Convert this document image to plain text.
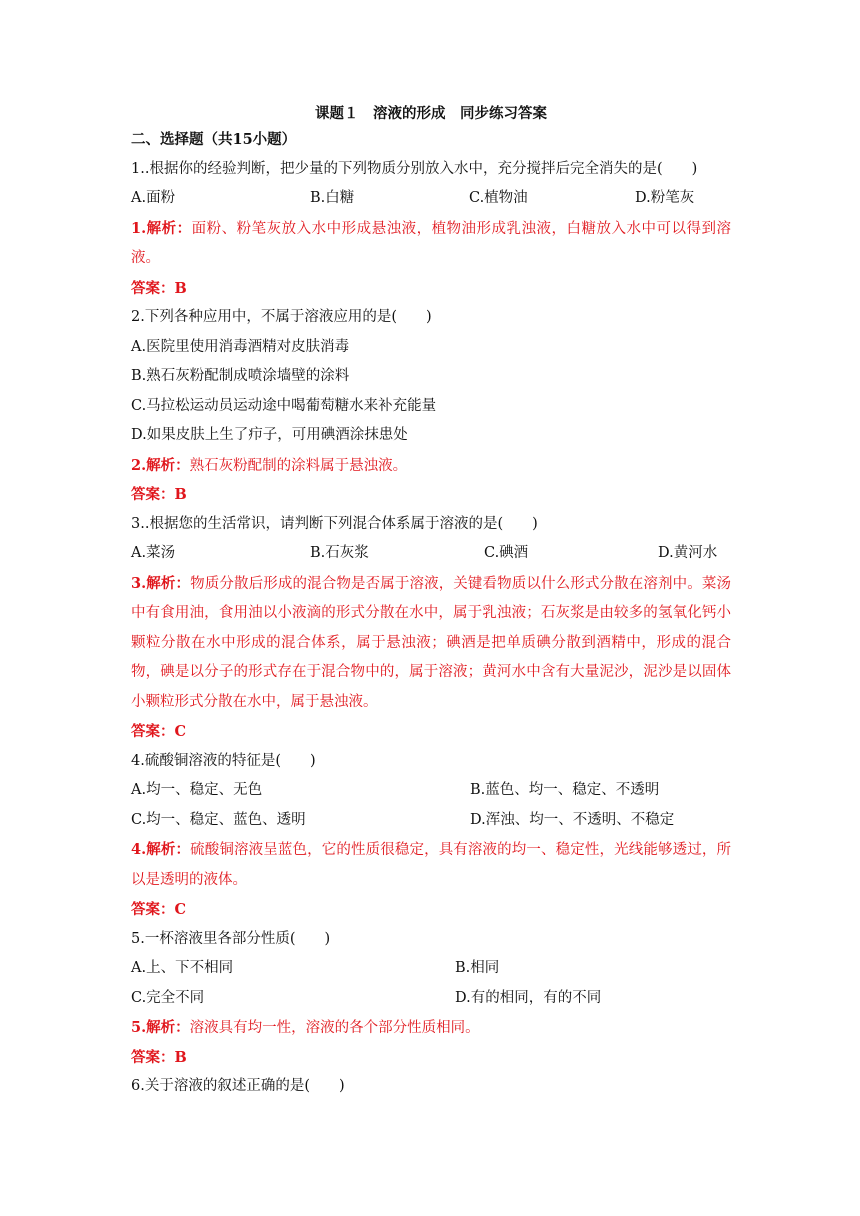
课题１　溶液的形成　同步练习答案
二、选择题（共15小题）
1..根据你的经验判断，把少量的下列物质分别放入水中，充分搅拌后完全消失的是(　　)
A.面粉	B.白糖	C.植物油	D.粉笔灰
1.解析：面粉、粉笔灰放入水中形成悬浊液，植物油形成乳浊液，白糖放入水中可以得到溶液。
答案：B
2.下列各种应用中，不属于溶液应用的是(　　)
A.医院里使用消毒酒精对皮肤消毒
B.熟石灰粉配制成喷涂墙壁的涂料
C.马拉松运动员运动途中喝葡萄糖水来补充能量
D.如果皮肤上生了疖子，可用碘酒涂抹患处
2.解析：熟石灰粉配制的涂料属于悬浊液。
答案：B
3..根据您的生活常识，请判断下列混合体系属于溶液的是(　　)
A.菜汤	B.石灰浆	C.碘酒	D.黄河水
3.解析：物质分散后形成的混合物是否属于溶液，关键看物质以什么形式分散在溶剂中。菜汤中有食用油，食用油以小液滴的形式分散在水中，属于乳浊液；石灰浆是由较多的氢氧化钙小颗粒分散在水中形成的混合体系，属于悬浊液；碘酒是把单质碘分散到酒精中，形成的混合物，碘是以分子的形式存在于混合物中的，属于溶液；黄河水中含有大量泥沙，泥沙是以固体小颗粒形式分散在水中，属于悬浊液。
答案：C
4.硫酸铜溶液的特征是(　　)
A.均一、稳定、无色	B.蓝色、均一、稳定、不透明
C.均一、稳定、蓝色、透明	D.浑浊、均一、不透明、不稳定
4.解析：硫酸铜溶液呈蓝色，它的性质很稳定，具有溶液的均一、稳定性，光线能够透过，所以是透明的液体。
答案：C
5.一杯溶液里各部分性质(　　)
A.上、下不相同	B.相同
C.完全不同	D.有的相同，有的不同
5.解析：溶液具有均一性，溶液的各个部分性质相同。
答案：B
6.关于溶液的叙述正确的是(　　)
